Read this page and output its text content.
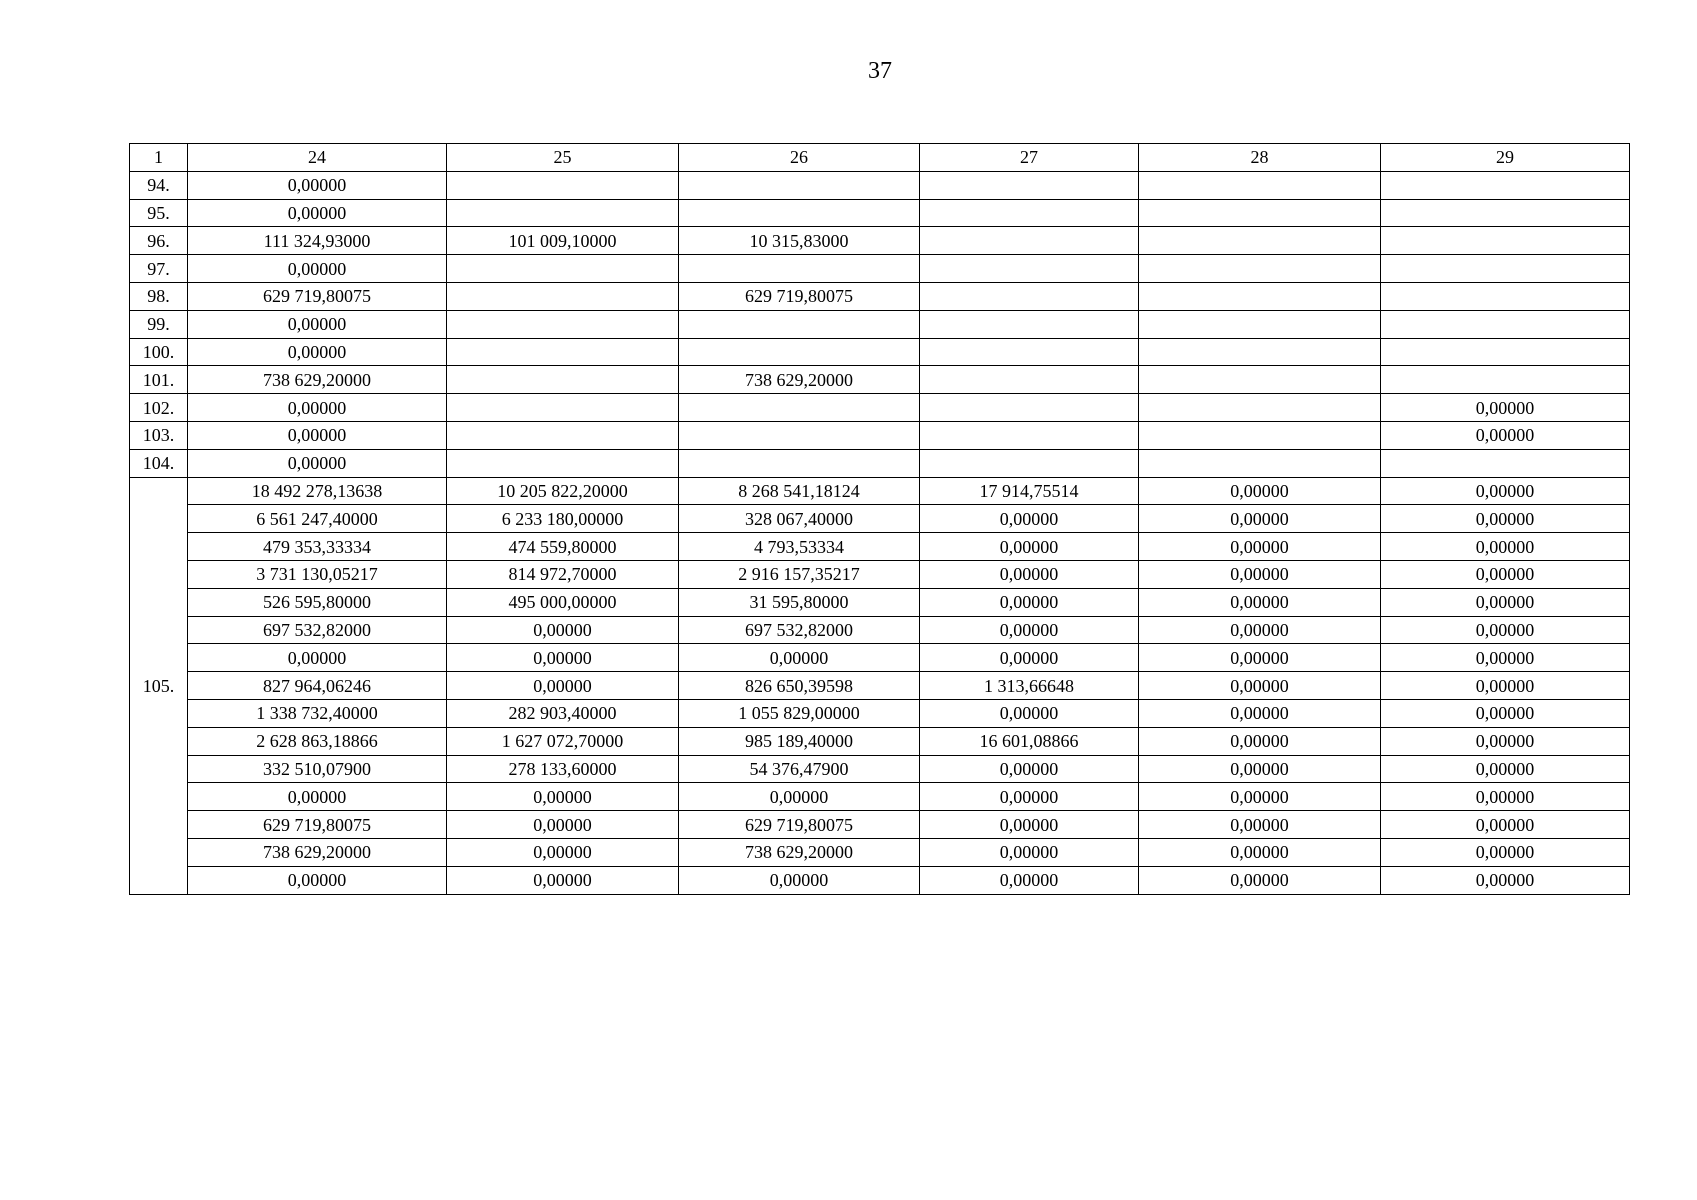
37
1	24	25	26	27	28	29
94.	0,00000					
95.	0,00000					
96.	111 324,93000	101 009,10000	10 315,83000			
97.	0,00000					
98.	629 719,80075		629 719,80075			
99.	0,00000					
100.	0,00000					
101.	738 629,20000		738 629,20000			
102.	0,00000					0,00000
103.	0,00000					0,00000
104.	0,00000					
105.	18 492 278,13638	10 205 822,20000	8 268 541,18124	17 914,75514	0,00000	0,00000
	6 561 247,40000	6 233 180,00000	328 067,40000	0,00000	0,00000	0,00000
	479 353,33334	474 559,80000	4 793,53334	0,00000	0,00000	0,00000
	3 731 130,05217	814 972,70000	2 916 157,35217	0,00000	0,00000	0,00000
	526 595,80000	495 000,00000	31 595,80000	0,00000	0,00000	0,00000
	697 532,82000	0,00000	697 532,82000	0,00000	0,00000	0,00000
	0,00000	0,00000	0,00000	0,00000	0,00000	0,00000
	827 964,06246	0,00000	826 650,39598	1 313,66648	0,00000	0,00000
	1 338 732,40000	282 903,40000	1 055 829,00000	0,00000	0,00000	0,00000
	2 628 863,18866	1 627 072,70000	985 189,40000	16 601,08866	0,00000	0,00000
	332 510,07900	278 133,60000	54 376,47900	0,00000	0,00000	0,00000
	0,00000	0,00000	0,00000	0,00000	0,00000	0,00000
	629 719,80075	0,00000	629 719,80075	0,00000	0,00000	0,00000
	738 629,20000	0,00000	738 629,20000	0,00000	0,00000	0,00000
	0,00000	0,00000	0,00000	0,00000	0,00000	0,00000
